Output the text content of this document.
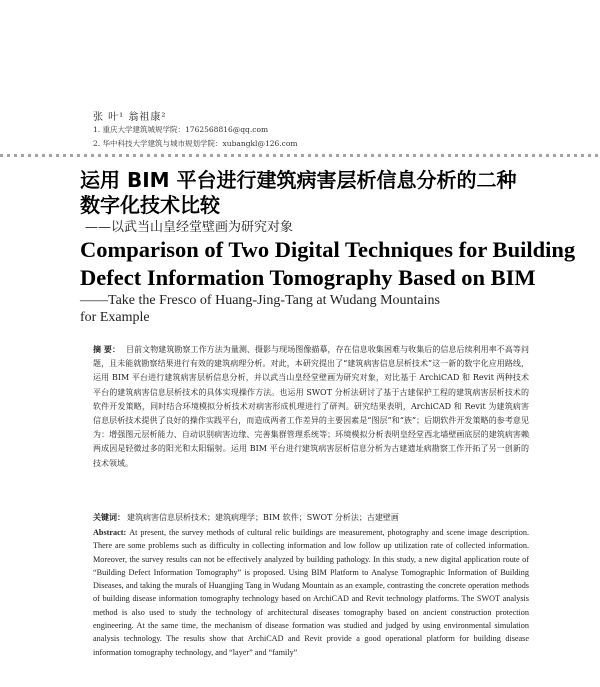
张 叶¹ 翁祖康²
1. 重庆大学建筑城规学院：1762568816@qq.com
2. 华中科技大学建筑与城市规划学院：xubangkl@126.com
运用 BIM 平台进行建筑病害层析信息分析的二种
数字化技术比较
——以武当山皇经堂壁画为研究对象
Comparison of Two Digital Techniques for Building
Defect Information Tomography Based on BIM
——Take the Fresco of Huang-Jing-Tang at Wudang Mountains
for Example
摘 要： 目前文物建筑勘察工作方法为量测、摄影与现场图像描摹，存在信息收集困难与收集后的信息后续利用率不高等问题，且未能就勘察结果进行有效的建筑病理分析。对此，本研究提出了“建筑病害信息层析技术”这一新的数字化应用路线，运用 BIM 平台进行建筑病害层析信息分析，并以武当山皇经堂壁画为研究对象，对比基于 ArchiCAD 和 Revit 两种技术平台的建筑病害信息层析技术的具体实现操作方法。也运用 SWOT 分析法研讨了基于古建保护工程的建筑病害层析技术的软件开发策略，同时结合环境模拟分析技术对病害形成机理进行了研判。研究结果表明，ArchiCAD 和 Revit 为建筑病害信息层析技术提供了良好的操作实践平台，而造成两者工作差异的主要因素是“图层”和“族”；后期软件开发策略的参考意见为：增强图元层析能力、自动识别病害边缘、完善集群管理系统等；环境模拟分析表明皇经堂西北墙壁画底层的建筑病害赖两成因是轻微过多的阳光和太阳辐射。运用 BIM 平台进行建筑病害层析信息分析为古建遗址病勘察工作开拓了另一创新的技术领域。
关键词： 建筑病害信息层析技术；建筑病理学；BIM 软件；SWOT 分析法；古建壁画
Abstract: At present, the survey methods of cultural relic buildings are measurement, photography and scene image description. There are some problems such as difficulty in collecting information and low follow up utilization rate of collected information. Moreover, the survey results can not be effectively analyzed by building pathology. In this study, a new digital application route of “Building Defect Information Tomography” is proposed. Using BIM Platform to Analyse Tomographic Information of Building Diseases, and taking the murals of Huangjing Tang in Wudang Mountain as an example, contrasting the concrete operation methods of building disease information tomography technology based on ArchiCAD and Revit technology platforms. The SWOT analysis method is also used to study the technology of architectural diseases tomography based on ancient construction protection engineering. At the same time, the mechanism of disease formation was studied and judged by using environmental simulation analysis technology. The results show that ArchiCAD and Revit provide a good operational platform for building disease information tomography technology, and “layer” and “family”
